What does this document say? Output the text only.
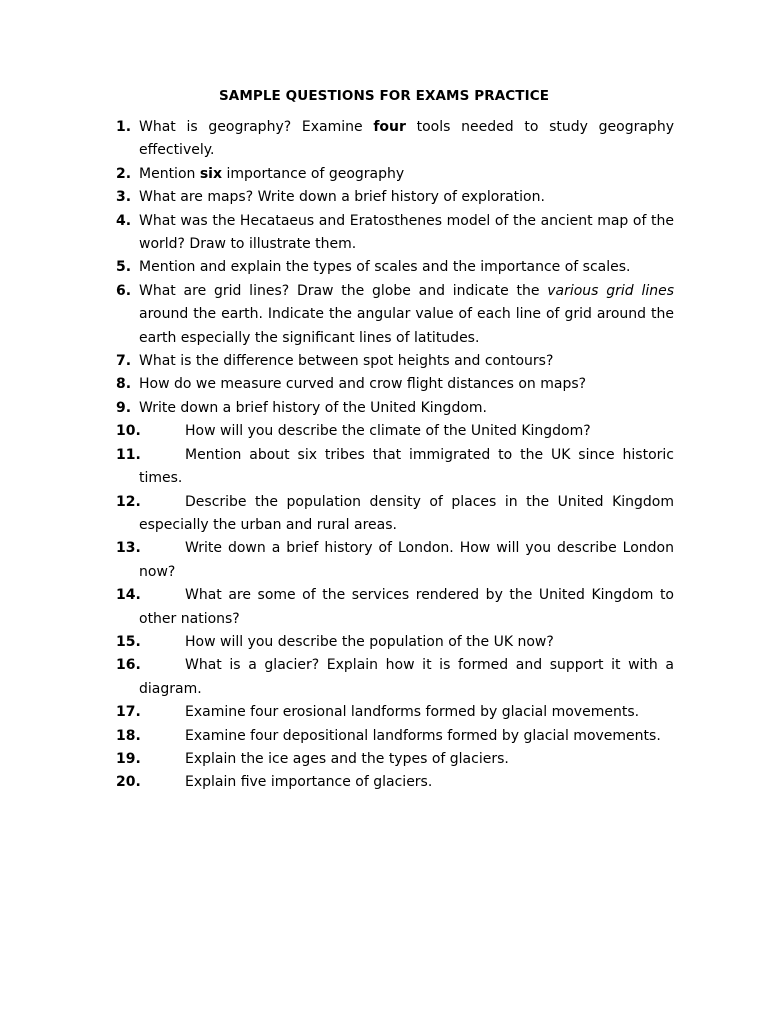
SAMPLE QUESTIONS FOR EXAMS PRACTICE
1. What is geography? Examine four tools needed to study geography effectively.
2. Mention six importance of geography
3. What are maps? Write down a brief history of exploration.
4. What was the Hecataeus and Eratosthenes model of the ancient map of the world? Draw to illustrate them.
5. Mention and explain the types of scales and the importance of scales.
6. What are grid lines? Draw the globe and indicate the various grid lines around the earth. Indicate the angular value of each line of grid around the earth especially the significant lines of latitudes.
7. What is the difference between spot heights and contours?
8. How do we measure curved and crow flight distances on maps?
9. Write down a brief history of the United Kingdom.
10.	How will you describe the climate of the United Kingdom?
11.	Mention about six tribes that immigrated to the UK since historic times.
12.	Describe the population density of places in the United Kingdom especially the urban and rural areas.
13.	Write down a brief history of London. How will you describe London now?
14.	What are some of the services rendered by the United Kingdom to other nations?
15.	How will you describe the population of the UK now?
16.	What is a glacier? Explain how it is formed and support it with a diagram.
17.	Examine four erosional landforms formed by glacial movements.
18.	Examine four depositional landforms formed by glacial movements.
19.	Explain the ice ages and the types of glaciers.
20.	Explain five importance of glaciers.
